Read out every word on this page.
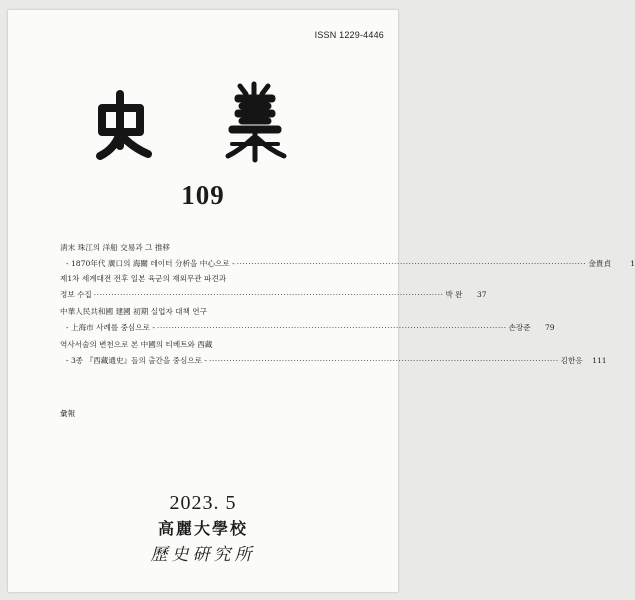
ISSN 1229-4446
109
淸末 珠江의 洋船 交易과 그 推移
- 1870年代 廣口의 海關 데이터 分析을 中心으로 - ························································································································ 金貴貞	1
제1차 세계대전 전후 일본 육군의 재외무관 파견과
정보 수집 ························································································································ 박 완	37
中華人民共和國 建國 初期 실업자 대책 연구
- 上海市 사례를 중심으로 - ························································································································ 손장준	79
역사서술의 변천으로 본 中國의 티베트와 西藏
- 3종 『西藏通史』들의 출간을 중심으로 - ························································································································ 김한응	111
彙報
2023. 5
高麗大學校
歷史硏究所
